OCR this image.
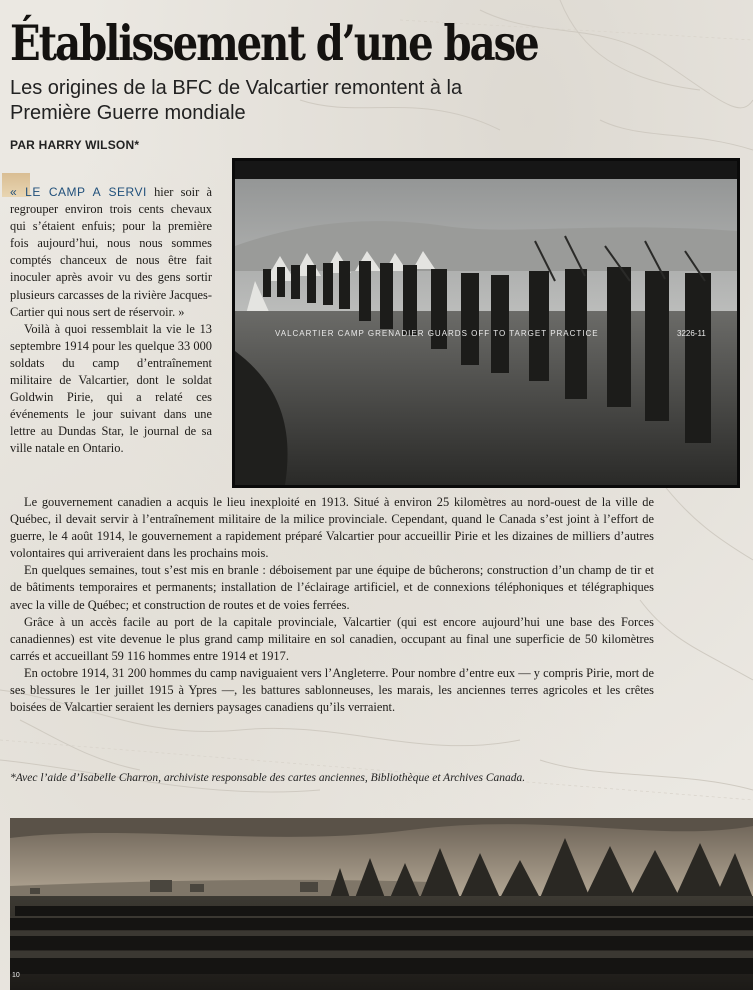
Établissement d’une base

Les origines de la BFC de Valcartier remontent à la Première Guerre mondiale

PAR HARRY WILSON*

« LE CAMP A SERVI hier soir à regrouper environ trois cents chevaux qui s’étaient enfuis; pour la première fois aujourd’hui, nous nous sommes comptés chanceux de nous être fait inoculer après avoir vu des gens sortir plusieurs carcasses de la rivière Jacques-Cartier qui nous sert de réservoir. »

Voilà à quoi ressemblait la vie le 13 septembre 1914 pour les quelque 33 000 soldats du camp d’entraînement militaire de Valcartier, dont le soldat Goldwin Pirie, qui a relaté ces événements le jour suivant dans une lettre au Dundas Star, le journal de sa ville natale en Ontario.

VALCARTIER CAMP GRENADIER GUARDS OFF TO TARGET PRACTICE	3226-11

Le gouvernement canadien a acquis le lieu inexploité en 1913. Situé à environ 25 kilomètres au nord-ouest de la ville de Québec, il devait servir à l’entraînement militaire de la milice provinciale. Cependant, quand le Canada s’est joint à l’effort de guerre, le 4 août 1914, le gouvernement a rapidement préparé Valcartier pour accueillir Pirie et les dizaines de milliers d’autres volontaires qui arriveraient dans les prochains mois.

En quelques semaines, tout s’est mis en branle : déboisement par une équipe de bûcherons; construction d’un champ de tir et de bâtiments temporaires et permanents; installation de l’éclairage artificiel, et de connexions téléphoniques et télégraphiques avec la ville de Québec; et construction de routes et de voies ferrées.

Grâce à un accès facile au port de la capitale provinciale, Valcartier (qui est encore aujourd’hui une base des Forces canadiennes) est vite devenue le plus grand camp militaire en sol canadien, occupant au final une superficie de 50 kilomètres carrés et accueillant 59 116 hommes entre 1914 et 1917.

En octobre 1914, 31 200 hommes du camp naviguaient vers l’Angleterre. Pour nombre d’entre eux — y compris Pirie, mort de ses blessures le 1er juillet 1915 à Ypres —, les battures sablonneuses, les marais, les anciennes terres agricoles et les crêtes boisées de Valcartier seraient les derniers paysages canadiens qu’ils verraient.

*Avec l’aide d’Isabelle Charron, archiviste responsable des cartes anciennes, Bibliothèque et Archives Canada.
10
